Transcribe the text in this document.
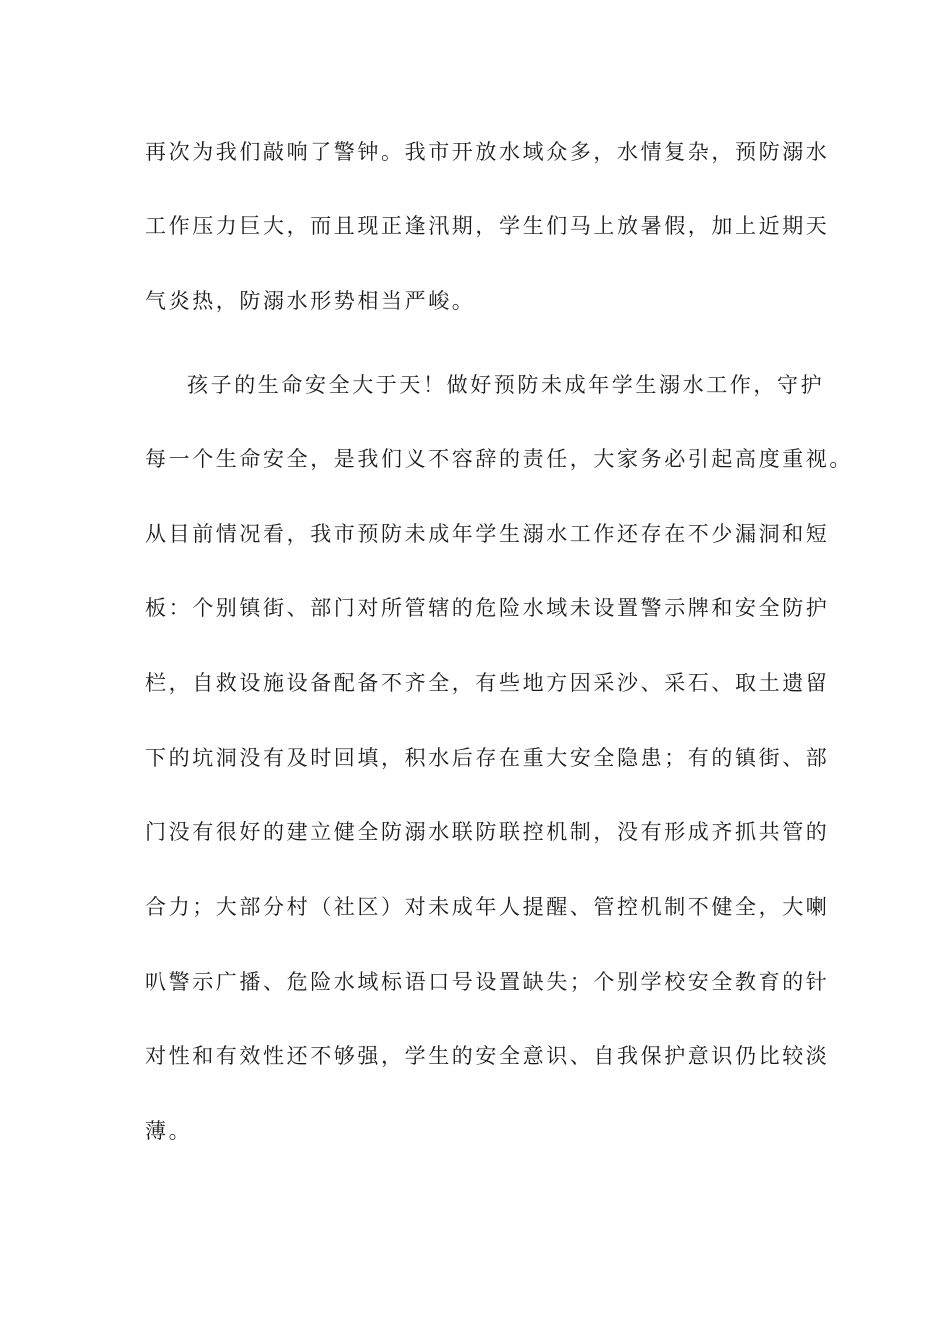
再次为我们敲响了警钟。我市开放水域众多，水情复杂，预防溺水

工作压力巨大，而且现正逢汛期，学生们马上放暑假，加上近期天

气炎热，防溺水形势相当严峻。

孩子的生命安全大于天！做好预防未成年学生溺水工作，守护

每一个生命安全，是我们义不容辞的责任，大家务必引起高度重视。

从目前情况看，我市预防未成年学生溺水工作还存在不少漏洞和短

板：个别镇街、部门对所管辖的危险水域未设置警示牌和安全防护

栏，自救设施设备配备不齐全，有些地方因采沙、采石、取土遗留

下的坑洞没有及时回填，积水后存在重大安全隐患；有的镇街、部

门没有很好的建立健全防溺水联防联控机制，没有形成齐抓共管的

合力；大部分村（社区）对未成年人提醒、管控机制不健全，大喇

叭警示广播、危险水域标语口号设置缺失；个别学校安全教育的针

对性和有效性还不够强，学生的安全意识、自我保护意识仍比较淡

薄。
